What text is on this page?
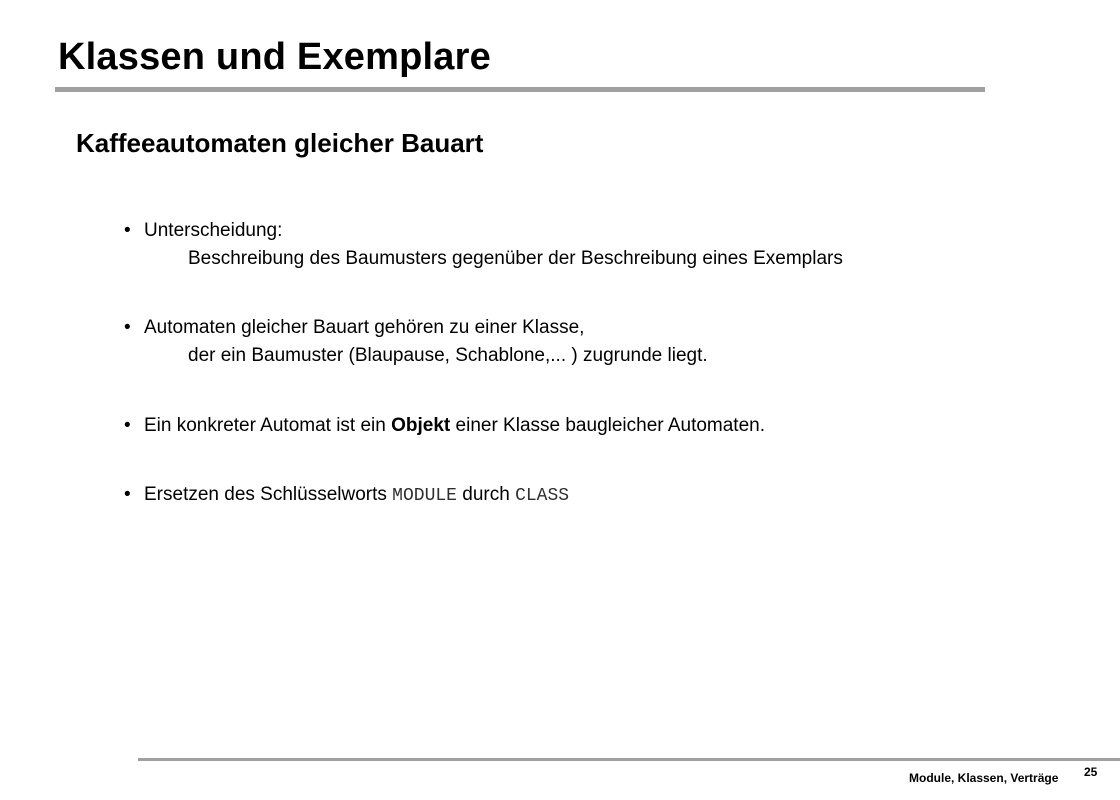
Klassen und Exemplare
Kaffeeautomaten gleicher Bauart
• Unterscheidung:
Beschreibung des Baumusters gegenüber der Beschreibung eines Exemplars
• Automaten gleicher Bauart gehören zu einer Klasse,
der ein Baumuster (Blaupause, Schablone,... ) zugrunde liegt.
• Ein konkreter Automat ist ein Objekt einer Klasse baugleicher Automaten.
• Ersetzen des Schlüsselworts MODULE durch CLASS
Module, Klassen, Verträge 25
